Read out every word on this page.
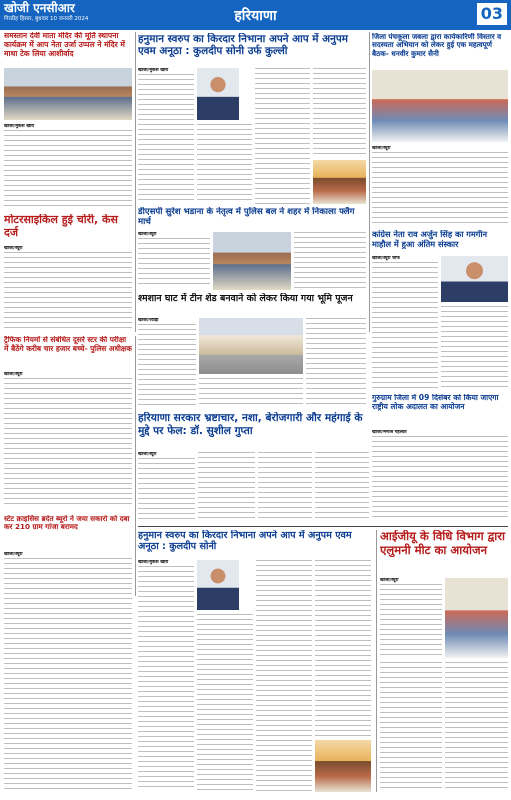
खोजी एनसीआर
गिरडीह हिसार, बुधवार 10 जनवरी 2024	हरियाणा	03
समस्तान देवी माता मंदिर की मूर्ति स्थापना कार्यक्रम में आप नेता उर्जा उप्पल ने मंदिर में माथा टेक लिया आशीर्वाद
खोजी/मुकेश खोरी
हनुमान स्वरुप का किरदार निभाना अपने आप में अनुपम एवम अनूठा : कुलदीप सोनी उर्फ कुल्ली
खोजी/मुकेश खोरी
जिला पंचकूला जबला द्वारा कार्यकारिणी विस्तार व सदस्यता अभियान को लेकर हुई एक महत्वपूर्ण बैठक- धनवीर कुमार सैनी
खोजी/ब्यूरो
डीएसपी सुरेश भडाना के नेतृत्व में पुलिस बल ने शहर में निकाला फ्लैग मार्च
खोजी/ब्यूरो
मोटरसाइकिल हुई चोरी, केस दर्ज
खोजी/ब्यूरो
कांग्रेस नेता राव अर्जुन सिंह का गमगीन माहौल में हुआ अंतिम संस्कार
खोजी/ब्यूरो चीफ
श्मशान घाट में टीन शेड बनवाने को लेकर किया गया भूमि पूजन
खोजी/रेवाड़ी
ट्रैफिक नियमों से संबंधित दूसरे स्टर की परीक्षा में बैठेंगे करीब चार हजार बच्चे- पुलिस अधीक्षक
खोजी/ब्यूरो
गुरुग्राम जिला में 09 दिसंबर को किया जाएगा राष्ट्रीय लोक अदालत का आयोजन
खोजी/मनोज गहलोत
हरियाणा सरकार भ्रष्टाचार, नशा, बेरोजगारी और महंगाई के मुद्दे पर फेल: डॉ. सुशील गुप्ता
खोजी/ब्यूरो
स्टेट क्राइसिस ब्रदेत ब्यूरो ने जया सकारो को दबा कर 210 ग्राम गांजा बरामद
खोजी/ब्यूरो
हनुमान स्वरुप का किरदार निभाना अपने आप में अनुपम एवम अनूठा : कुलदीप सोनी
खोजी/मुकेश खोरी
आईजीयू के विधि विभाग द्वारा एलुमनी मीट का आयोजन
खोजी/ब्यूरो
